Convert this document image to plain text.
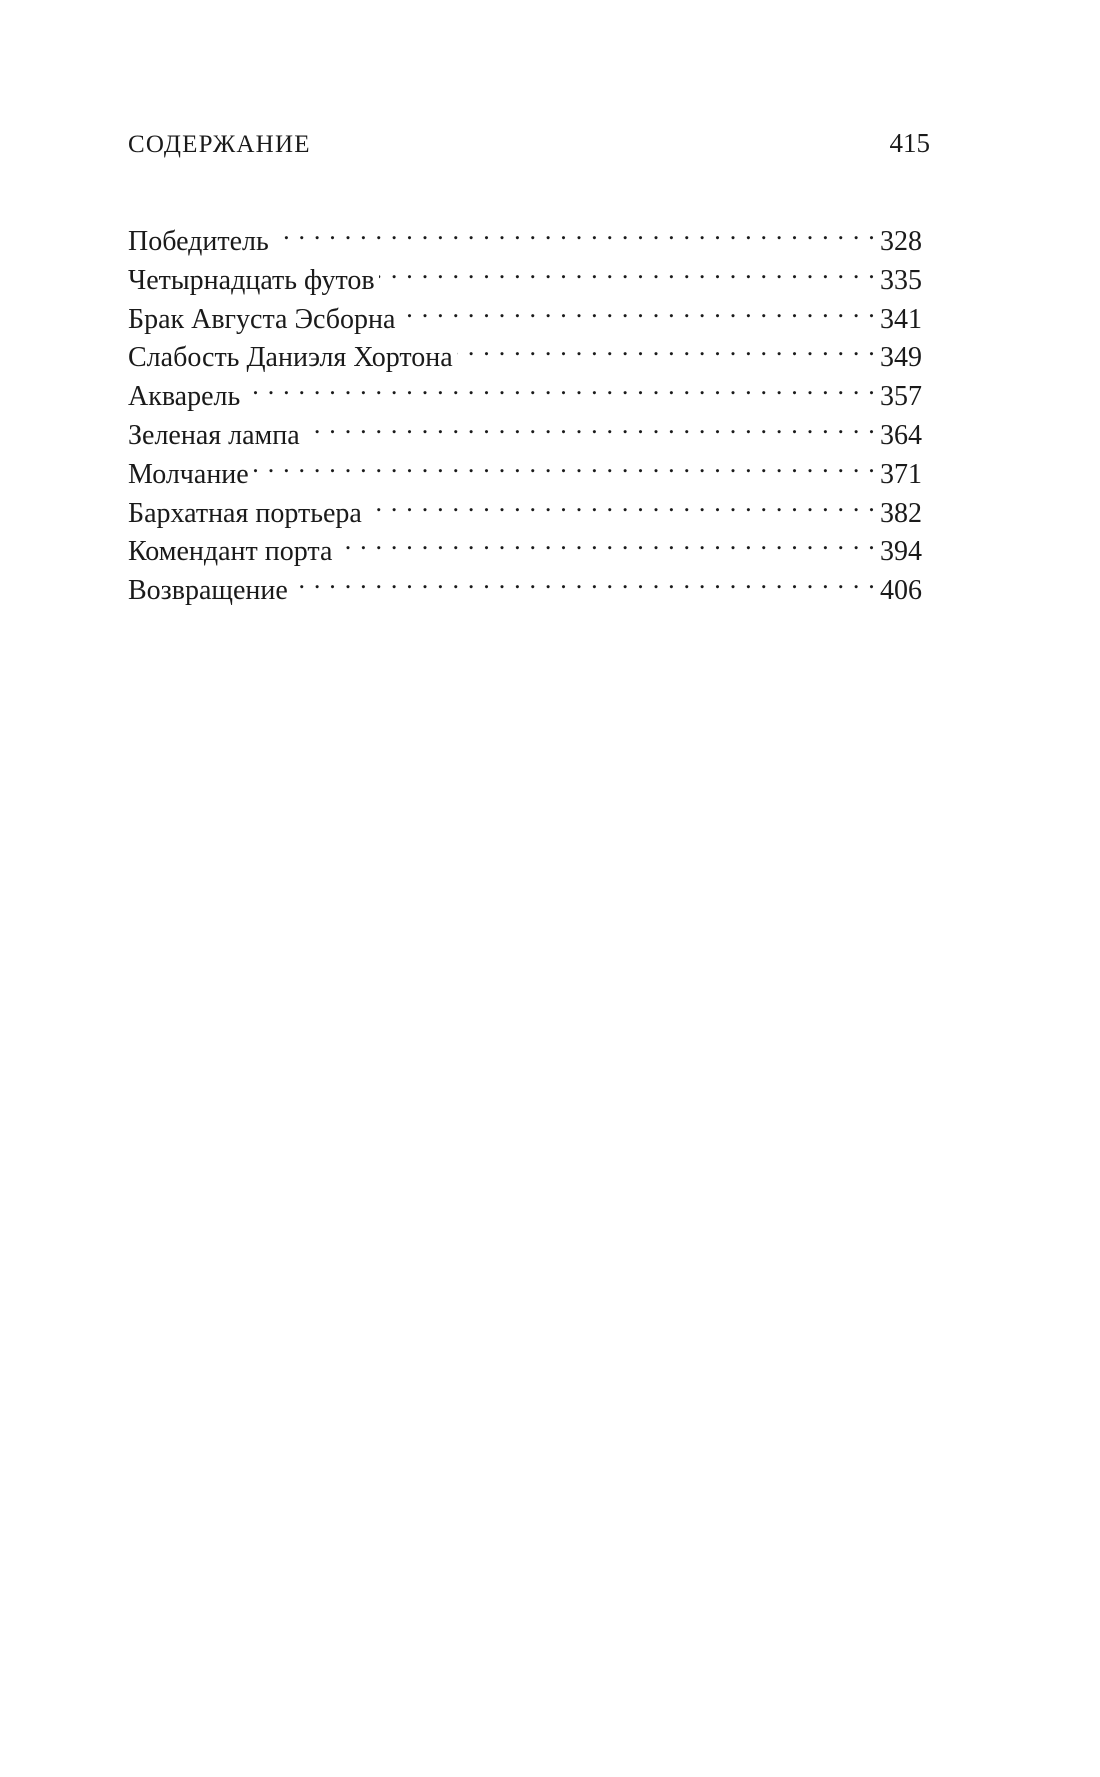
СОДЕРЖАНИЕ	415
Победитель . . .	328
Четырнадцать футов . . .	335
Брак Августа Эсборна . . .	341
Слабость Даниэля Хортона . . .	349
Акварель . . .	357
Зеленая лампа . . .	364
Молчание . . .	371
Бархатная портьера . . .	382
Комендант порта . . .	394
Возвращение . . .	406
